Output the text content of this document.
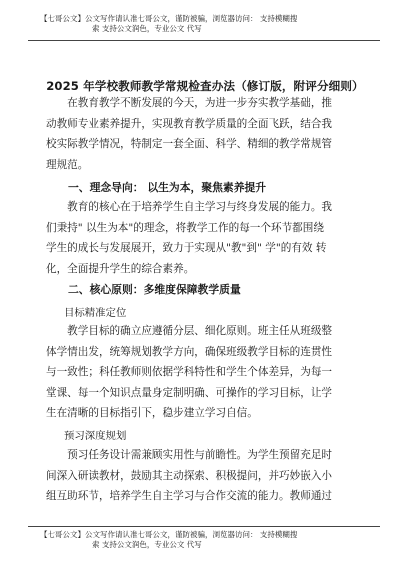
【七哥公文】公文写作请认准七哥公文，谨防被骗，浏览器访问： 支持模糊搜
索 支持公文润色，专业公文 代写
2025 年学校教师教学常规检查办法（修订版，附评分细则）
　　在教育教学不断发展的今天，为进一步夯实教学基础，推
动教师专业素养提升，实现教育教学质量的全面飞跃，结合我
校实际教学情况，特制定一套全面、科学、精细的教学常规管
理规范。
一、理念导向： 以生为本，聚焦素养提升
　　教育的核心在于培养学生自主学习与终身发展的能力。我
们秉持" 以生为本"的理念，将教学工作的每一个环节都围绕
学生的成长与发展展开，致力于实现从"教"到" 学"的有效 转
化，全面提升学生的综合素养。
二、核心原则：多维度保障教学质量
目标精准定位
　　教学目标的确立应遵循分层、细化原则。班主任从班级整
体学情出发，统筹规划教学方向，确保班级教学目标的连贯性
与一致性；科任教师则依据学科特性和学生个体差异，为每一
堂课、每一个知识点量身定制明确、可操作的学习目标，让学
生在清晰的目标指引下，稳步建立学习自信。
预习深度规划
　　预习任务设计需兼顾实用性与前瞻性。为学生预留充足时
间深入研读教材，鼓励其主动探索、积极提问，并巧妙嵌入小
组互助环节，培养学生自主学习与合作交流的能力。教师通过
【七哥公文】公文写作请认准七哥公文，谨防被骗，浏览器访问： 支持模糊搜
索 支持公文润色，专业公文 代写
